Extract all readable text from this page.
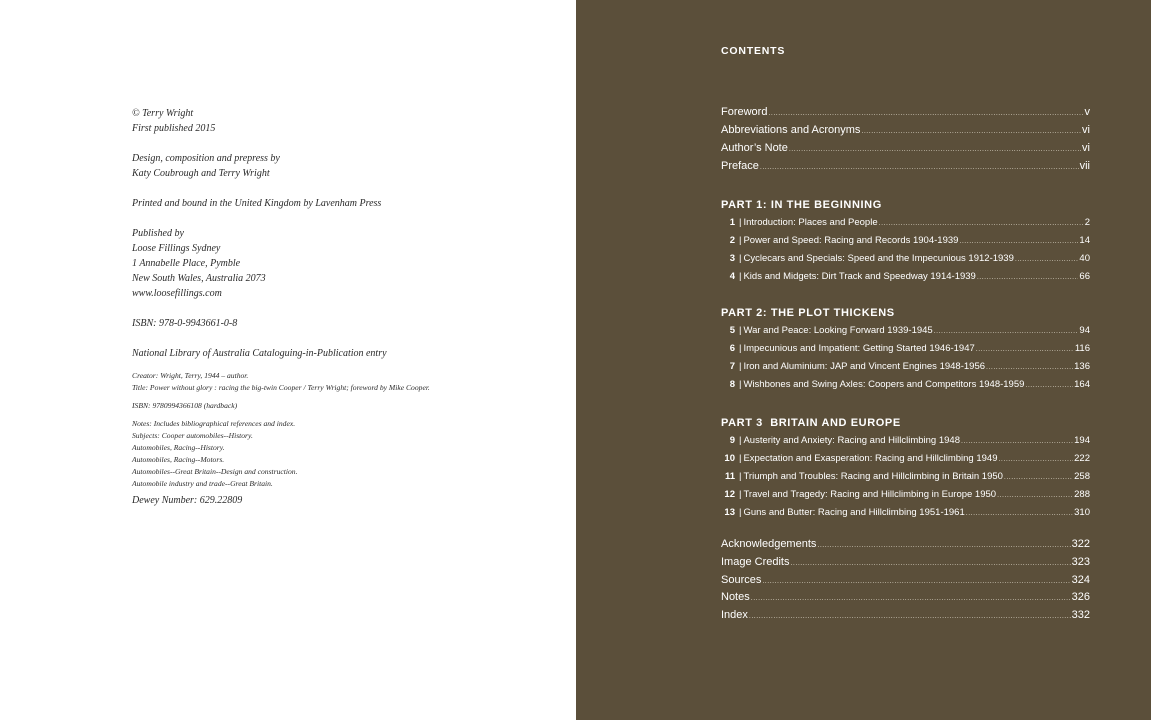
© Terry Wright
First published 2015
Design, composition and prepress by
Katy Coubrough and Terry Wright
Printed and bound in the United Kingdom by Lavenham Press
Published by
Loose Fillings Sydney
1 Annabelle Place, Pymble
New South Wales, Australia 2073
www.loosefillings.com
ISBN: 978-0-9943661-0-8
National Library of Australia Cataloguing-in-Publication entry
Creator: Wright, Terry, 1944 – author.
Title: Power without glory : racing the big-twin Cooper / Terry Wright; foreword by Mike Cooper.
ISBN: 9780994366108 (hardback)
Notes: Includes bibliographical references and index.
Subjects: Cooper automobiles--History.
Automobiles, Racing--History.
Automobiles, Racing--Motors.
Automobiles--Great Britain--Design and construction.
Automobile industry and trade--Great Britain.
Dewey Number: 629.22809
CONTENTS
Foreword .....	v
Abbreviations and Acronyms .....	vi
Author’s Note .....	vi
Preface .....	vii
PART 1: IN THE BEGINNING
1 | Introduction: Places and People .....	2
2 | Power and Speed: Racing and Records 1904-1939 .....	14
3 | Cyclecars and Specials: Speed and the Impecunious 1912-1939 .....	40
4 | Kids and Midgets: Dirt Track and Speedway 1914-1939 .....	66
PART 2: THE PLOT THICKENS
5 | War and Peace: Looking Forward 1939-1945 .....	94
6 | Impecunious and Impatient: Getting Started 1946-1947 .....	116
7 | Iron and Aluminium: JAP and Vincent Engines 1948-1956 .....	136
8 | Wishbones and Swing Axles: Coopers and Competitors 1948-1959 .....	164
PART 3  BRITAIN AND EUROPE
9 | Austerity and Anxiety: Racing and Hillclimbing 1948 .....	194
10 | Expectation and Exasperation: Racing and Hillclimbing 1949 .....	222
11 | Triumph and Troubles: Racing and Hillclimbing in Britain 1950 .....	258
12 | Travel and Tragedy: Racing and Hillclimbing in Europe 1950 .....	288
13 | Guns and Butter: Racing and Hillclimbing 1951-1961 .....	310
Acknowledgements .....	322
Image Credits .....	323
Sources .....	324
Notes .....	326
Index .....	332
